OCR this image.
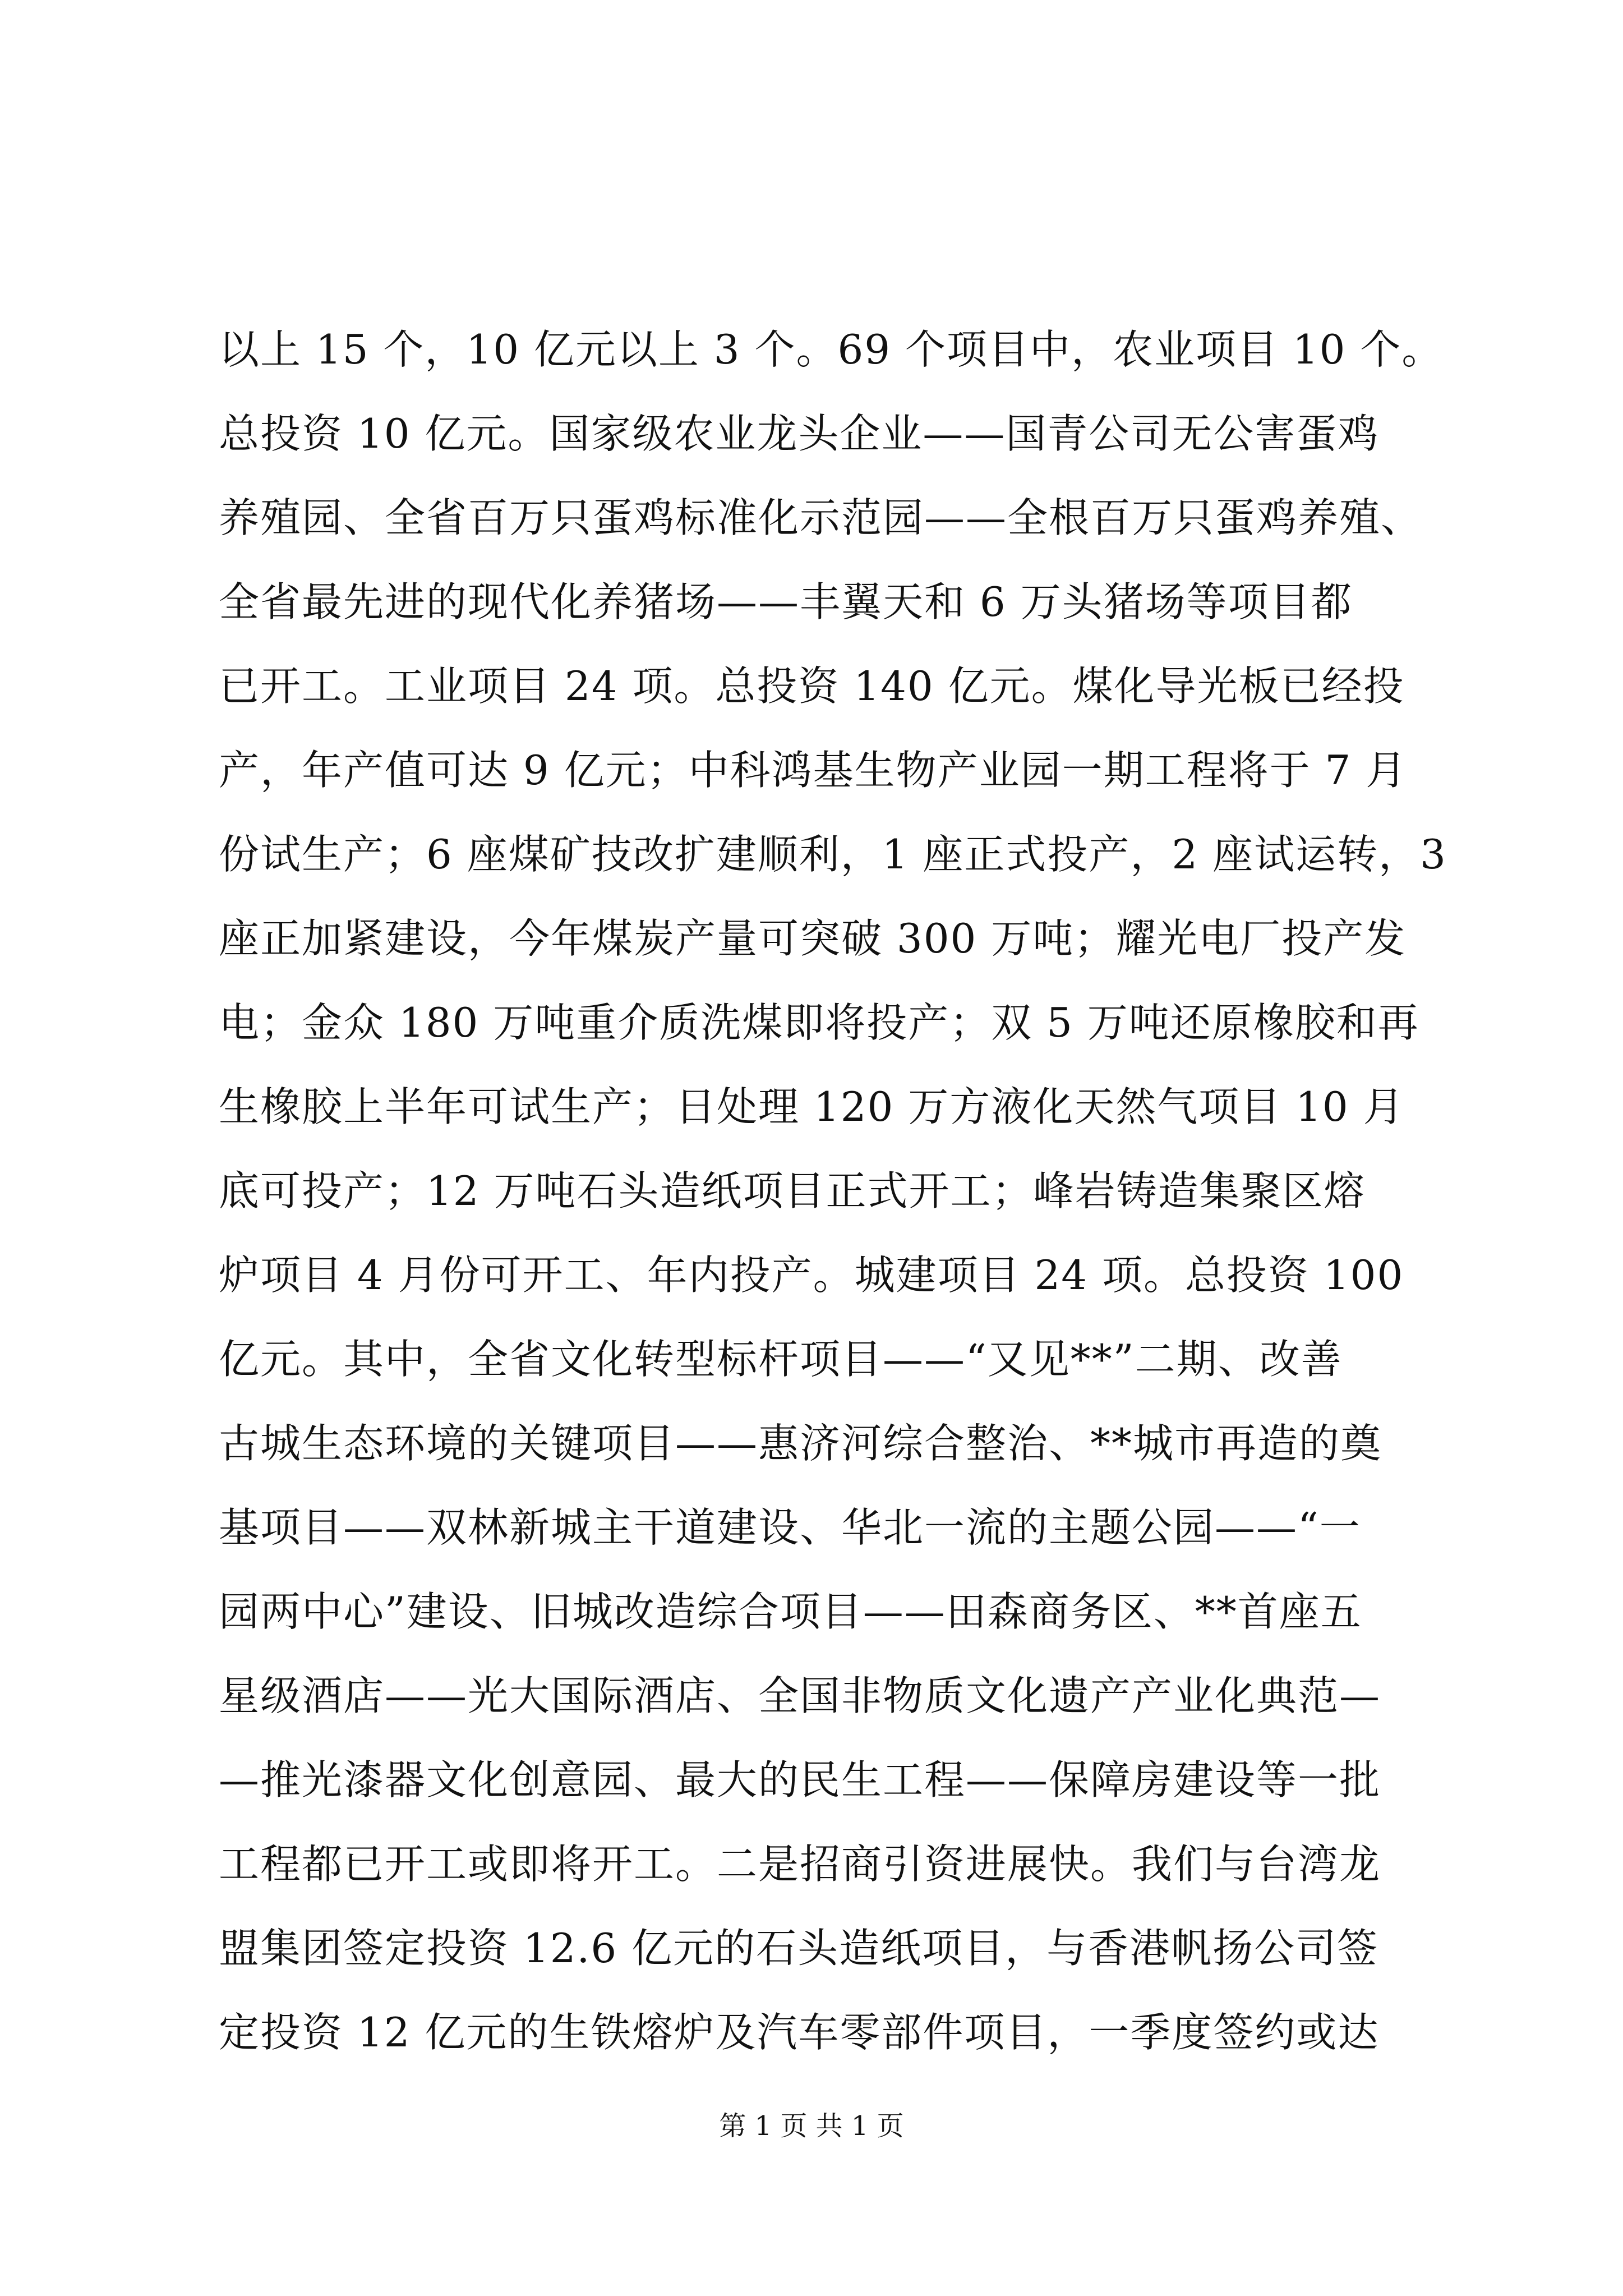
以上 15 个，10 亿元以上 3 个。69 个项目中，农业项目 10 个。
总投资 10 亿元。国家级农业龙头企业——国青公司无公害蛋鸡
养殖园、全省百万只蛋鸡标准化示范园——全根百万只蛋鸡养殖、
全省最先进的现代化养猪场——丰翼天和 6 万头猪场等项目都
已开工。工业项目 24 项。总投资 140 亿元。煤化导光板已经投
产，年产值可达 9 亿元；中科鸿基生物产业园一期工程将于 7 月
份试生产；6 座煤矿技改扩建顺利，1 座正式投产，2 座试运转，3
座正加紧建设，今年煤炭产量可突破 300 万吨；耀光电厂投产发
电；金众 180 万吨重介质洗煤即将投产；双 5 万吨还原橡胶和再
生橡胶上半年可试生产；日处理 120 万方液化天然气项目 10 月
底可投产；12 万吨石头造纸项目正式开工；峰岩铸造集聚区熔
炉项目 4 月份可开工、年内投产。城建项目 24 项。总投资 100
亿元。其中，全省文化转型标杆项目——“又见**”二期、改善
古城生态环境的关键项目——惠济河综合整治、**城市再造的奠
基项目——双林新城主干道建设、华北一流的主题公园——“一
园两中心”建设、旧城改造综合项目——田森商务区、**首座五
星级酒店——光大国际酒店、全国非物质文化遗产产业化典范—
—推光漆器文化创意园、最大的民生工程——保障房建设等一批
工程都已开工或即将开工。二是招商引资进展快。我们与台湾龙
盟集团签定投资 12.6 亿元的石头造纸项目，与香港帆扬公司签
定投资 12 亿元的生铁熔炉及汽车零部件项目，一季度签约或达
第 1 页 共 1 页
